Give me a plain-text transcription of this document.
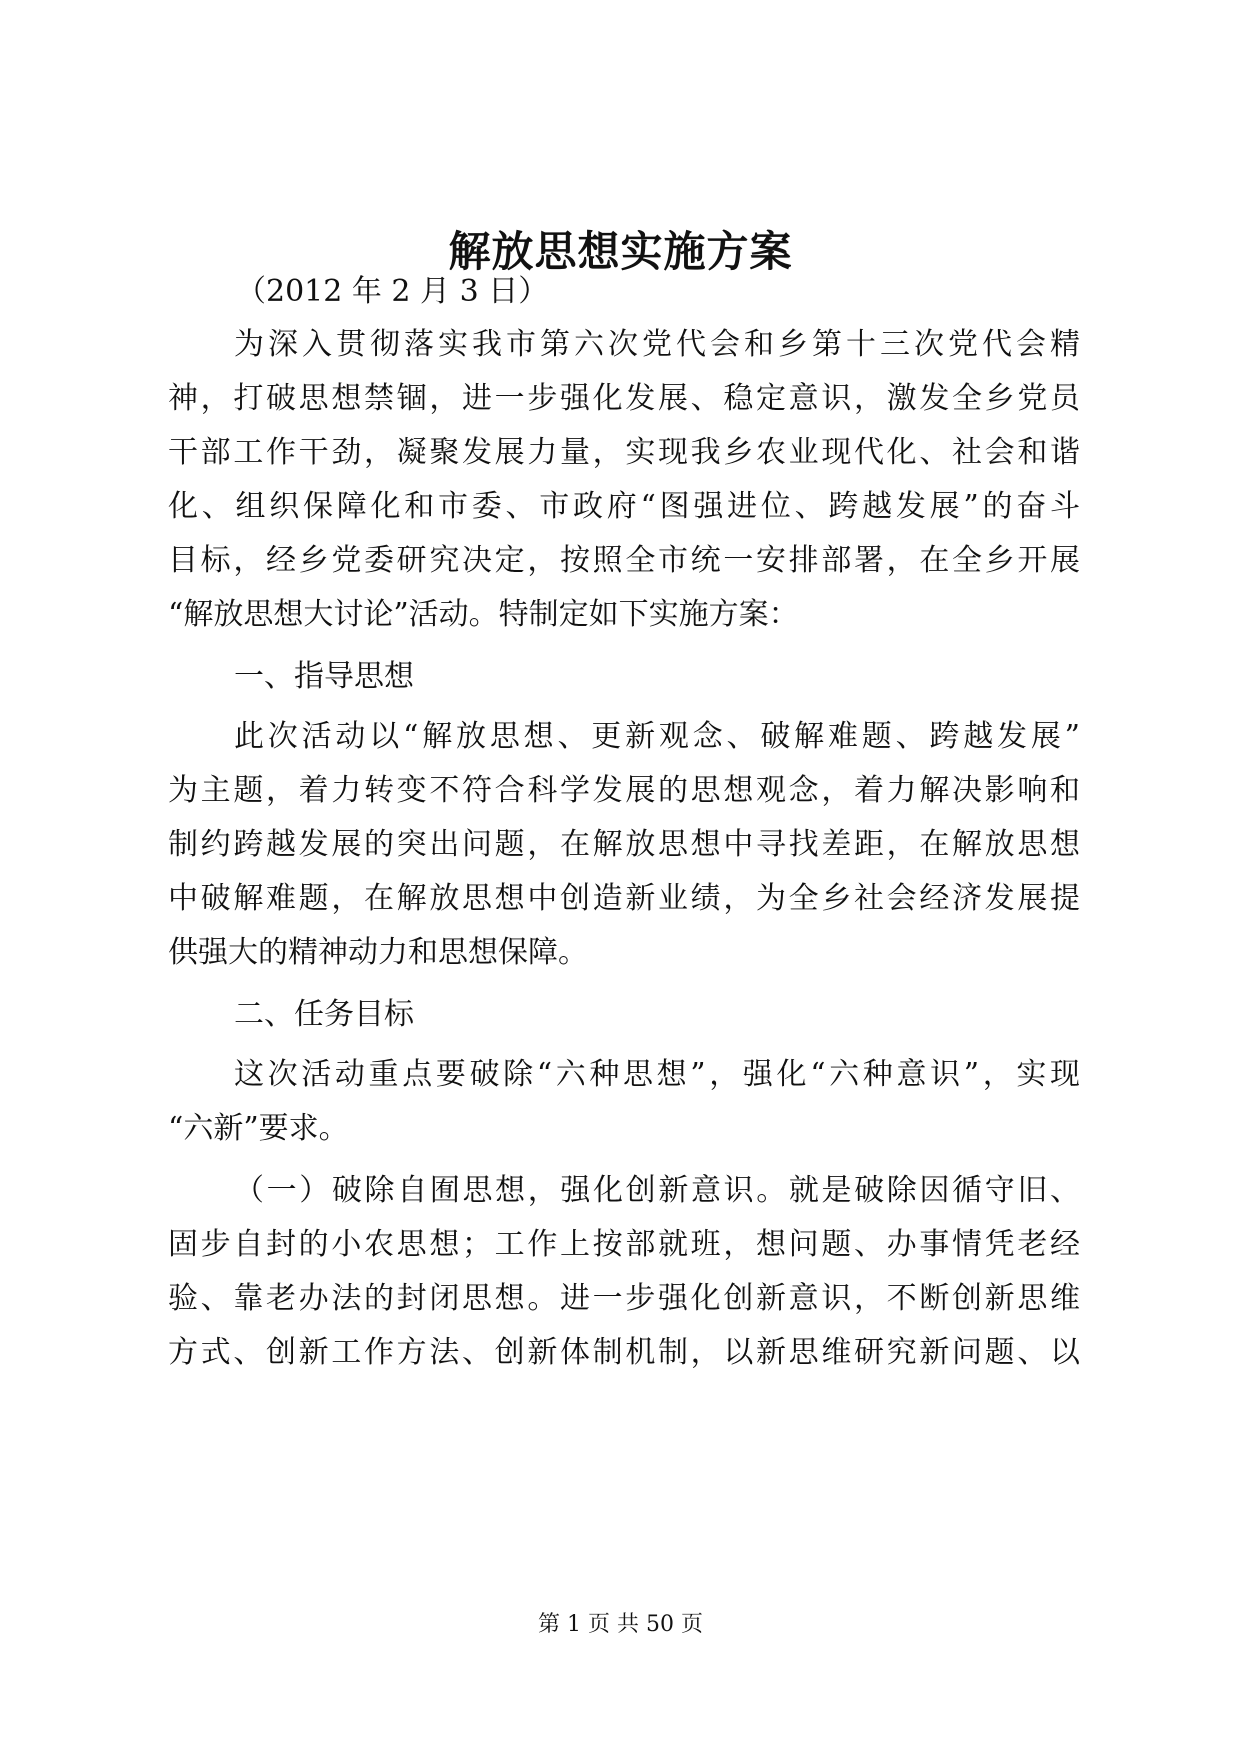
解放思想实施方案
（2012 年 2 月 3 日）
为深入贯彻落实我市第六次党代会和乡第十三次党代会精
神，打破思想禁锢，进一步强化发展、稳定意识，激发全乡党员
干部工作干劲，凝聚发展力量，实现我乡农业现代化、社会和谐
化、组织保障化和市委、市政府“图强进位、跨越发展”的奋斗
目标，经乡党委研究决定，按照全市统一安排部署，在全乡开展
“解放思想大讨论”活动。特制定如下实施方案：
一、指导思想
此次活动以“解放思想、更新观念、破解难题、跨越发展”
为主题，着力转变不符合科学发展的思想观念，着力解决影响和
制约跨越发展的突出问题，在解放思想中寻找差距，在解放思想
中破解难题，在解放思想中创造新业绩，为全乡社会经济发展提
供强大的精神动力和思想保障。
二、任务目标
这次活动重点要破除“六种思想”，强化“六种意识”，实现
“六新”要求。
（一）破除自囿思想，强化创新意识。就是破除因循守旧、
固步自封的小农思想；工作上按部就班，想问题、办事情凭老经
验、靠老办法的封闭思想。进一步强化创新意识，不断创新思维
方式、创新工作方法、创新体制机制，以新思维研究新问题、以
第 1 页 共 50 页
